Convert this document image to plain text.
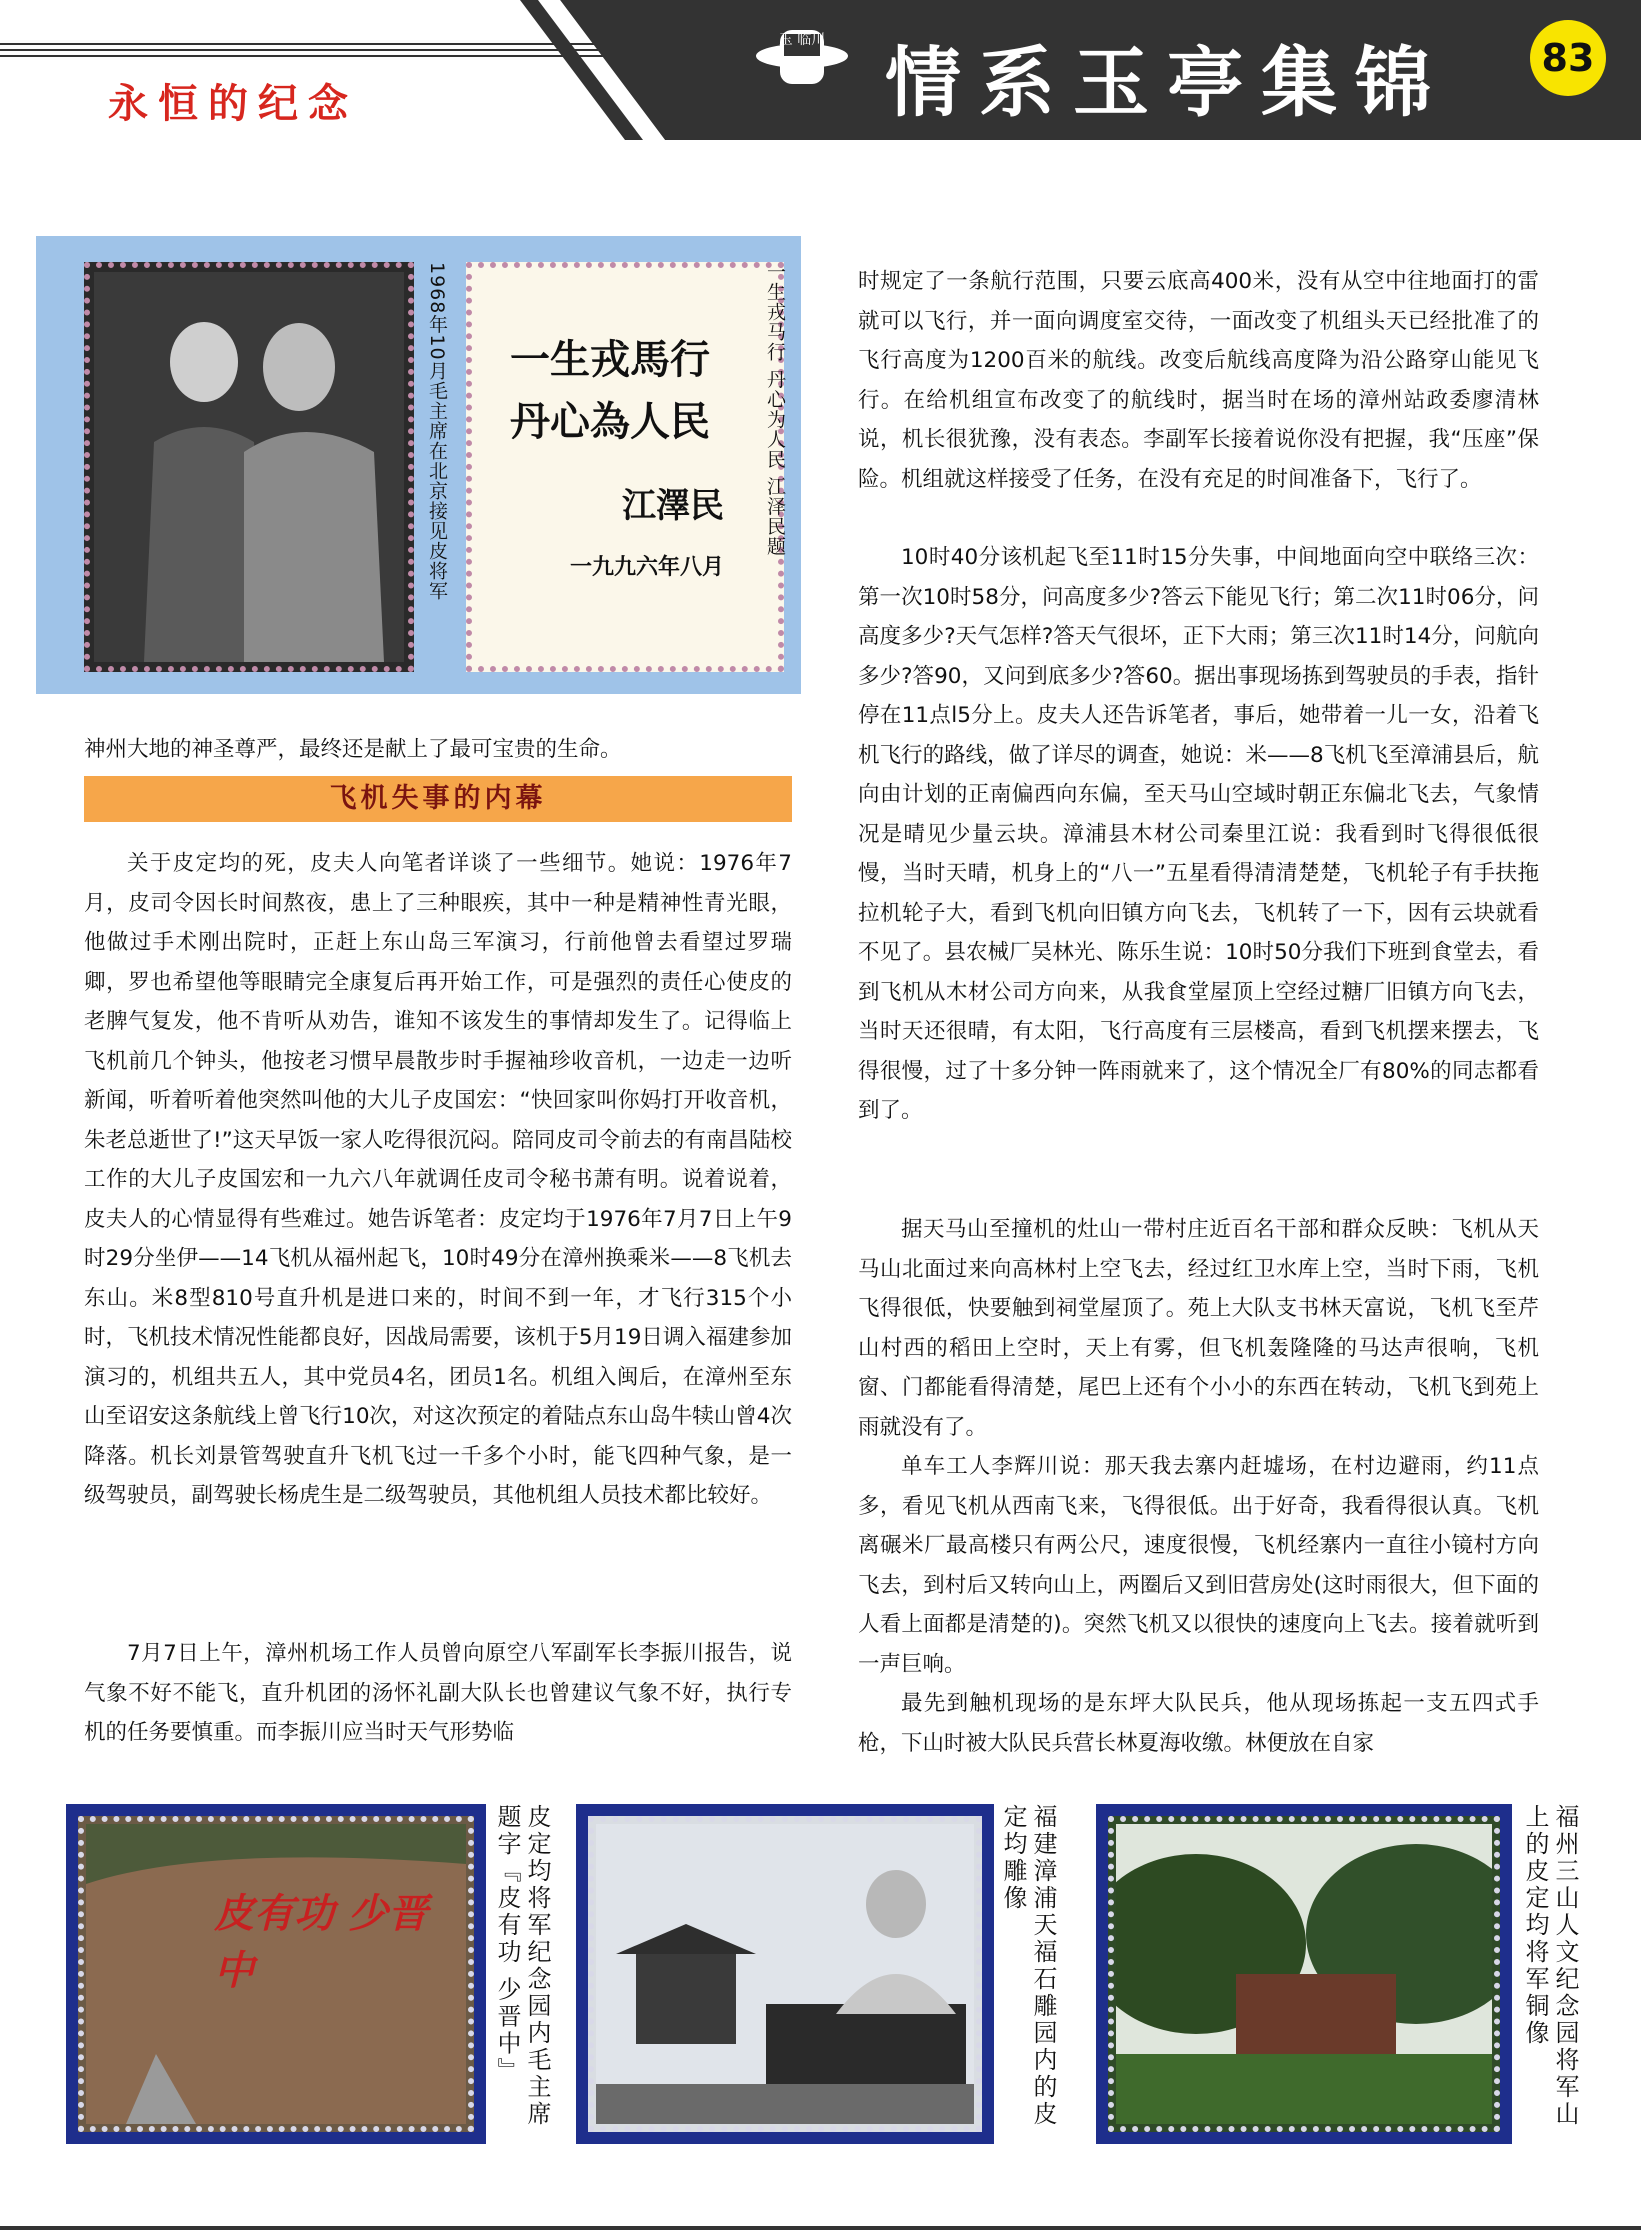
永恒的纪念
玉 临川 情系玉亭集锦	83
1968年10月毛主席在北京接见皮将军 一生戎馬行
丹心為人民
江澤民
一九九六年八月
一生戎马行 丹心为人民 江泽民题

神州大地的神圣尊严，最终还是献上了最可宝贵的生命。

飞机失事的内幕

关于皮定均的死，皮夫人向笔者详谈了一些细节。她说：1976年7月，皮司令因长时间熬夜，患上了三种眼疾，其中一种是精神性青光眼，他做过手术刚出院时，正赶上东山岛三军演习，行前他曾去看望过罗瑞卿，罗也希望他等眼睛完全康复后再开始工作，可是强烈的责任心使皮的老脾气复发，他不肯听从劝告，谁知不该发生的事情却发生了。记得临上飞机前几个钟头，他按老习惯早晨散步时手握袖珍收音机，一边走一边听新闻，听着听着他突然叫他的大儿子皮国宏：“快回家叫你妈打开收音机，朱老总逝世了!”这天早饭一家人吃得很沉闷。陪同皮司令前去的有南昌陆校工作的大儿子皮国宏和一九六八年就调任皮司令秘书萧有明。说着说着，皮夫人的心情显得有些难过。她告诉笔者：皮定均于1976年7月7日上午9时29分坐伊——14飞机从福州起飞，10时49分在漳州换乘米——8飞机去东山。米8型810号直升机是进口来的，时间不到一年，才飞行315个小时，飞机技术情况性能都良好，因战局需要，该机于5月19日调入福建参加演习的，机组共五人，其中党员4名，团员1名。机组入闽后，在漳州至东山至诏安这条航线上曾飞行10次，对这次预定的着陆点东山岛牛犊山曾4次降落。机长刘景管驾驶直升飞机飞过一千多个小时，能飞四种气象，是一级驾驶员，副驾驶长杨虎生是二级驾驶员，其他机组人员技术都比较好。

7月7日上午，漳州机场工作人员曾向原空八军副军长李振川报告，说气象不好不能飞，直升机团的汤怀礼副大队长也曾建议气象不好，执行专机的任务要慎重。而李振川应当时天气形势临

时规定了一条航行范围，只要云底高400米，没有从空中往地面打的雷就可以飞行，并一面向调度室交待，一面改变了机组头天已经批准了的飞行高度为1200百米的航线。改变后航线高度降为沿公路穿山能见飞行。在给机组宣布改变了的航线时，据当时在场的漳州站政委廖清林说，机长很犹豫，没有表态。李副军长接着说你没有把握，我“压座”保险。机组就这样接受了任务，在没有充足的时间准备下，飞行了。

10时40分该机起飞至11时15分失事，中间地面向空中联络三次：第一次10时58分，问高度多少?答云下能见飞行；第二次11时06分，问高度多少?天气怎样?答天气很坏，正下大雨；第三次11时14分，问航向多少?答90，又问到底多少?答60。据出事现场拣到驾驶员的手表，指针停在11点l5分上。皮夫人还告诉笔者，事后，她带着一儿一女，沿着飞机飞行的路线，做了详尽的调查，她说：米——8飞机飞至漳浦县后，航向由计划的正南偏西向东偏，至天马山空域时朝正东偏北飞去，气象情况是晴见少量云块。漳浦县木材公司秦里江说：我看到时飞得很低很慢，当时天晴，机身上的“八一”五星看得清清楚楚，飞机轮子有手扶拖拉机轮子大，看到飞机向旧镇方向飞去，飞机转了一下，因有云块就看不见了。县农械厂吴林光、陈乐生说：10时50分我们下班到食堂去，看到飞机从木材公司方向来，从我食堂屋顶上空经过糖厂旧镇方向飞去，当时天还很晴，有太阳，飞行高度有三层楼高，看到飞机摆来摆去，飞得很慢，过了十多分钟一阵雨就来了，这个情况全厂有80%的同志都看到了。

据天马山至撞机的灶山一带村庄近百名干部和群众反映：飞机从天马山北面过来向高林村上空飞去，经过红卫水库上空，当时下雨，飞机飞得很低，快要触到祠堂屋顶了。苑上大队支书林天富说，飞机飞至芹山村西的稻田上空时，天上有雾，但飞机轰隆隆的马达声很响，飞机窗、门都能看得清楚，尾巴上还有个小小的东西在转动，飞机飞到苑上雨就没有了。

单车工人李辉川说：那天我去寨内赶墟场，在村边避雨，约11点多，看见飞机从西南飞来，飞得很低。出于好奇，我看得很认真。飞机离碾米厂最高楼只有两公尺，速度很慢，飞机经寨内一直往小镜村方向飞去，到村后又转向山上，两圈后又到旧营房处(这时雨很大，但下面的人看上面都是清楚的)。突然飞机又以很快的速度向上飞去。接着就听到一声巨响。

最先到触机现场的是东坪大队民兵，他从现场拣起一支五四式手枪，下山时被大队民兵营长林夏海收缴。林便放在自家

皮有功 少晋中	皮定均将军纪念园内毛主席题字『皮有功 少晋中』	福建漳浦天福石雕园内的皮定均雕像	福州三山人文纪念园将军山上的皮定均将军铜像
